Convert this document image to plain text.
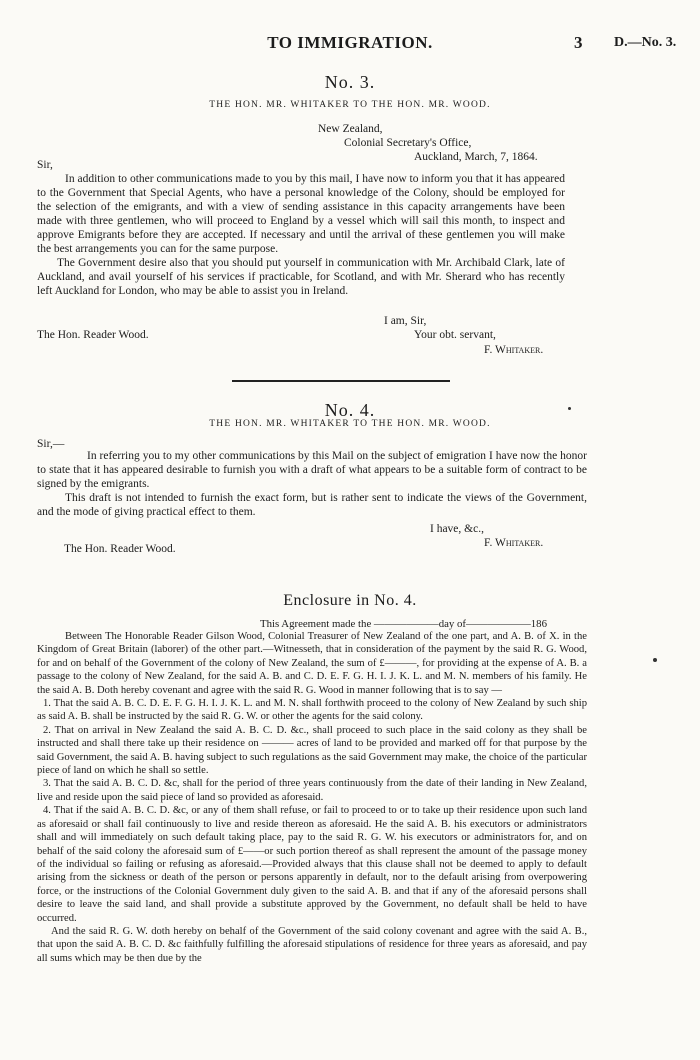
TO IMMIGRATION.	3 D.—No. 3.
No. 3.
THE HON. MR. WHITAKER TO THE HON. MR. WOOD.
New Zealand,
Colonial Secretary's Office,
Auckland, March, 7, 1864.
Sir,

In addition to other communications made to you by this mail, I have now to inform you that it has appeared to the Government that Special Agents, who have a personal knowledge of the Colony, should be employed for the selection of the emigrants, and with a view of sending assistance in this capacity arrangements have been made with three gentlemen, who will proceed to England by a vessel which will sail this month, to inspect and approve Emigrants before they are accepted. If necessary and until the arrival of these gentlemen you will make the best arrangements you can for the same purpose.

The Government desire also that you should put yourself in communication with Mr. Archibald Clark, late of Auckland, and avail yourself of his services if practicable, for Scotland, and with Mr. Sherard who has recently left Auckland for London, who may be able to assist you in Ireland.

I am, Sir,
Your obt. servant,
F. Whitaker.
The Hon. Reader Wood.
No. 4.
THE HON. MR. WHITAKER TO THE HON. MR. WOOD.
Sir,—

In referring you to my other communications by this Mail on the subject of emigration I have now the honor to state that it has appeared desirable to furnish you with a draft of what appears to be a suitable form of contract to be signed by the emigrants.

This draft is not intended to furnish the exact form, but is rather sent to indicate the views of the Government, and the mode of giving practical effect to them.

I have, &c.,
F. Whitaker.
The Hon. Reader Wood.
Enclosure in No. 4.
This Agreement made the ——————day of——————186

Between The Honorable Reader Gilson Wood, Colonial Treasurer of New Zealand of the one part, and A. B. of X. in the Kingdom of Great Britain (laborer) of the other part.—Witnesseth, that in consideration of the payment by the said R. G. Wood, for and on behalf of the Government of the colony of New Zealand, the sum of £———, for providing at the expense of A. B. a passage to the colony of New Zealand, for the said A. B. and C. D. E. F. G. H. I. J. K. L. and M. N. members of his family. He the said A. B. Doth hereby covenant and agree with the said R. G. Wood in manner following that is to say —

1. That the said A. B. C. D. E. F. G. H. I. J. K. L. and M. N. shall forthwith proceed to the colony of New Zealand by such ship as said A. B. shall be instructed by the said R. G. W. or other the agents for the said colony.

2. That on arrival in New Zealand the said A. B. C. D. &c., shall proceed to such place in the said colony as they shall be instructed and shall there take up their residence on ——— acres of land to be provided and marked off for that purpose by the said Government, the said A. B. having subject to such regulations as the said Government may make, the choice of the particular piece of land on which he shall so settle.

3. That the said A. B. C. D. &c, shall for the period of three years continuously from the date of their landing in New Zealand, live and reside upon the said piece of land so provided as aforesaid.

4. That if the said A. B. C. D. &c, or any of them shall refuse, or fail to proceed to or to take up their residence upon such land as aforesaid or shall fail continuously to live and reside thereon as aforesaid. He the said A. B. his executors or administrators shall and will immediately on such default taking place, pay to the said R. G. W. his executors or administrators for, and on behalf of the said colony the aforesaid sum of £——or such portion thereof as shall represent the amount of the passage money of the individual so failing or refusing as aforesaid.—Provided always that this clause shall not be deemed to apply to default arising from the sickness or death of the person or persons apparently in default, nor to the default arising from overpowering force, or the instructions of the Colonial Government duly given to the said A. B. and that if any of the aforesaid persons shall desire to leave the said land, and shall provide a substitute approved by the Government, no default shall be held to have occurred.

And the said R. G. W. doth hereby on behalf of the Government of the said colony covenant and agree with the said A. B., that upon the said A. B. C. D. &c faithfully fulfilling the aforesaid stipulations of residence for three years as aforesaid, and pay all sums which may be then due by the
